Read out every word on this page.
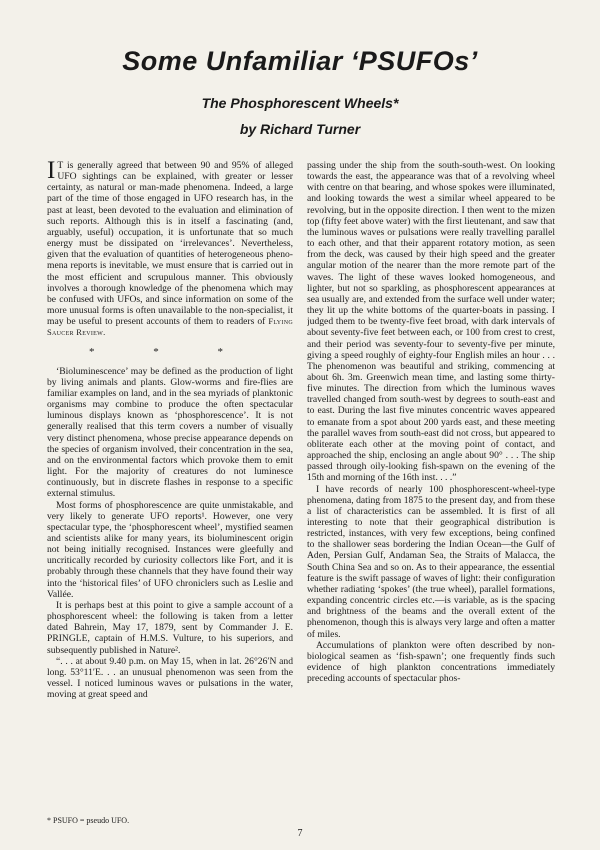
Some Unfamiliar ‘PSUFOs’
The Phosphorescent Wheels*
by Richard Turner

I T is generally agreed that between 90 and 95% of alleged UFO sightings can be explained, with greater or lesser certainty, as natural or man-made phenomena. Indeed, a large part of the time of those engaged in UFO research has, in the past at least, been devoted to the evaluation and elimination of such reports. Although this is in itself a fascinating (and, arguably, useful) occupation, it is unfortunate that so much energy must be dissipated on ‘irrelevances’. Nevertheless, given that the evaluation of quantities of heterogeneous phenomena reports is inevitable, we must ensure that is carried out in the most efficient and scrupulous manner. This obviously involves a thorough knowledge of the phenomena which may be confused with UFOs, and since information on some of the more unusual forms is often unavailable to the non-specialist, it may be useful to present accounts of them to readers of Flying Saucer Review.

* * *

‘Bioluminescence’ may be defined as the production of light by living animals and plants. Glow-worms and fire-flies are familiar examples on land, and in the sea myriads of planktonic organisms may combine to produce the often spectacular luminous displays known as ‘phosphorescence’. It is not generally realised that this term covers a number of visually very distinct phenomena, whose precise appearance depends on the species of organism involved, their concentration in the sea, and on the environmental factors which provoke them to emit light. For the majority of creatures do not luminesce continuously, but in discrete flashes in response to a specific external stimulus.

Most forms of phosphorescence are quite unmistakable, and very likely to generate UFO reports¹. However, one very spectacular type, the ‘phosphorescent wheel’, mystified seamen and scientists alike for many years, its bioluminescent origin not being initially recognised. Instances were gleefully and uncritically recorded by curiosity collectors like Fort, and it is probably through these channels that they have found their way into the ‘historical files’ of UFO chroniclers such as Leslie and Vallée.

It is perhaps best at this point to give a sample account of a phosphorescent wheel: the following is taken from a letter dated Bahrein, May 17, 1879, sent by Commander J. E. PRINGLE, captain of H.M.S. Vulture, to his superiors, and subsequently published in Nature².

“. . . at about 9.40 p.m. on May 15, when in lat. 26°26′N and long. 53°11′E. . . an unusual phenomenon was seen from the vessel. I noticed luminous waves or pulsations in the water, moving at great speed and

passing under the ship from the south-south-west. On looking towards the east, the appearance was that of a revolving wheel with centre on that bearing, and whose spokes were illuminated, and looking towards the west a similar wheel appeared to be revolving, but in the opposite direction. I then went to the mizen top (fifty feet above water) with the first lieutenant, and saw that the luminous waves or pulsations were really travelling parallel to each other, and that their apparent rotatory motion, as seen from the deck, was caused by their high speed and the greater angular motion of the nearer than the more remote part of the waves. The light of these waves looked homogeneous, and lighter, but not so sparkling, as phosphorescent appearances at sea usually are, and extended from the surface well under water; they lit up the white bottoms of the quarter-boats in passing. I judged them to be twenty-five feet broad, with dark intervals of about seventy-five feet between each, or 100 from crest to crest, and their period was seventy-four to seventy-five per minute, giving a speed roughly of eighty-four English miles an hour . . . The phenomenon was beautiful and striking, commencing at about 6h. 3m. Greenwich mean time, and lasting some thirty-five minutes. The direction from which the luminous waves travelled changed from south-west by degrees to south-east and to east. During the last five minutes concentric waves appeared to emanate from a spot about 200 yards east, and these meeting the parallel waves from south-east did not cross, but appeared to obliterate each other at the moving point of contact, and approached the ship, enclosing an angle about 90° . . . The ship passed through oily-looking fish-spawn on the evening of the 15th and morning of the 16th inst. . . .”

I have records of nearly 100 phosphorescent-wheel-type phenomena, dating from 1875 to the present day, and from these a list of characteristics can be assembled. It is first of all interesting to note that their geographical distribution is restricted, instances, with very few exceptions, being confined to the shallower seas bordering the Indian Ocean—the Gulf of Aden, Persian Gulf, Andaman Sea, the Straits of Malacca, the South China Sea and so on. As to their appearance, the essential feature is the swift passage of waves of light: their configuration whether radiating ‘spokes’ (the true wheel), parallel formations, expanding concentric circles etc.—is variable, as is the spacing and brightness of the beams and the overall extent of the phenomenon, though this is always very large and often a matter of miles.

Accumulations of plankton were often described by non-biological seamen as ‘fish-spawn’; one frequently finds such evidence of high plankton concentrations immediately preceding accounts of spectacular phos-

* PSUFO = pseudo UFO.
7
